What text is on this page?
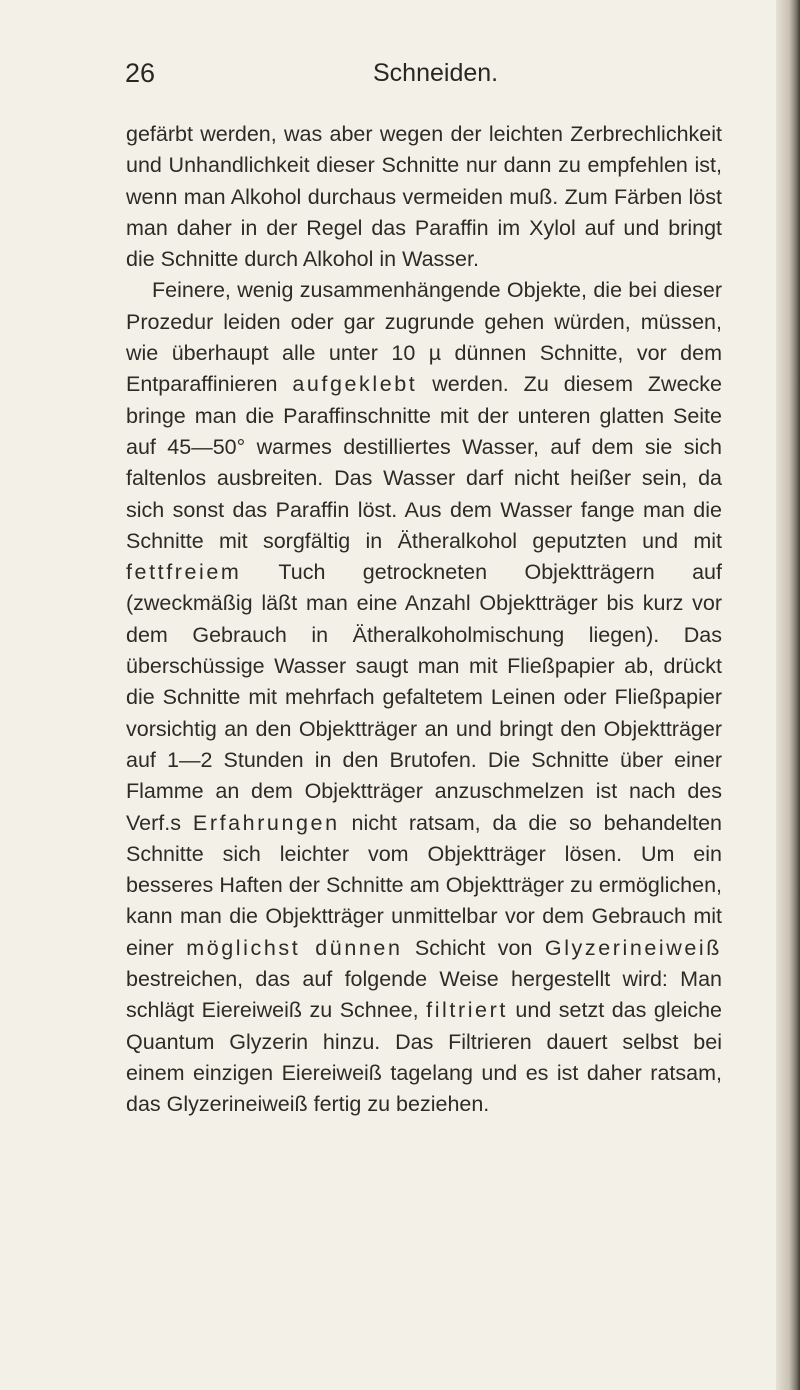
26	Schneiden.

gefärbt werden, was aber wegen der leichten Zerbrechlichkeit und Unhandlichkeit dieser Schnitte nur dann zu empfehlen ist, wenn man Alkohol durchaus vermeiden muß. Zum Färben löst man daher in der Regel das Paraffin im Xylol auf und bringt die Schnitte durch Alkohol in Wasser.

Feinere, wenig zusammenhängende Objekte, die bei dieser Prozedur leiden oder gar zugrunde gehen würden, müssen, wie überhaupt alle unter 10 µ dünnen Schnitte, vor dem Entparaffinieren aufgeklebt werden. Zu diesem Zwecke bringe man die Paraffinschnitte mit der unteren glatten Seite auf 45—50° warmes destilliertes Wasser, auf dem sie sich faltenlos ausbreiten. Das Wasser darf nicht heißer sein, da sich sonst das Paraffin löst. Aus dem Wasser fange man die Schnitte mit sorgfältig in Ätheralkohol geputzten und mit fettfreiem Tuch getrockneten Objektträgern auf (zweckmäßig läßt man eine Anzahl Objektträger bis kurz vor dem Gebrauch in Ätheralkoholmischung liegen). Das überschüssige Wasser saugt man mit Fließpapier ab, drückt die Schnitte mit mehrfach gefaltetem Leinen oder Fließpapier vorsichtig an den Objektträger an und bringt den Objektträger auf 1—2 Stunden in den Brutofen. Die Schnitte über einer Flamme an dem Objektträger anzuschmelzen ist nach des Verf.s Erfahrungen nicht ratsam, da die so behandelten Schnitte sich leichter vom Objektträger lösen. Um ein besseres Haften der Schnitte am Objektträger zu ermöglichen, kann man die Objektträger unmittelbar vor dem Gebrauch mit einer möglichst dünnen Schicht von Glyzerineiweiß bestreichen, das auf folgende Weise hergestellt wird: Man schlägt Eiereiweiß zu Schnee, filtriert und setzt das gleiche Quantum Glyzerin hinzu. Das Filtrieren dauert selbst bei einem einzigen Eiereiweiß tagelang und es ist daher ratsam, das Glyzerineiweiß fertig zu beziehen.
